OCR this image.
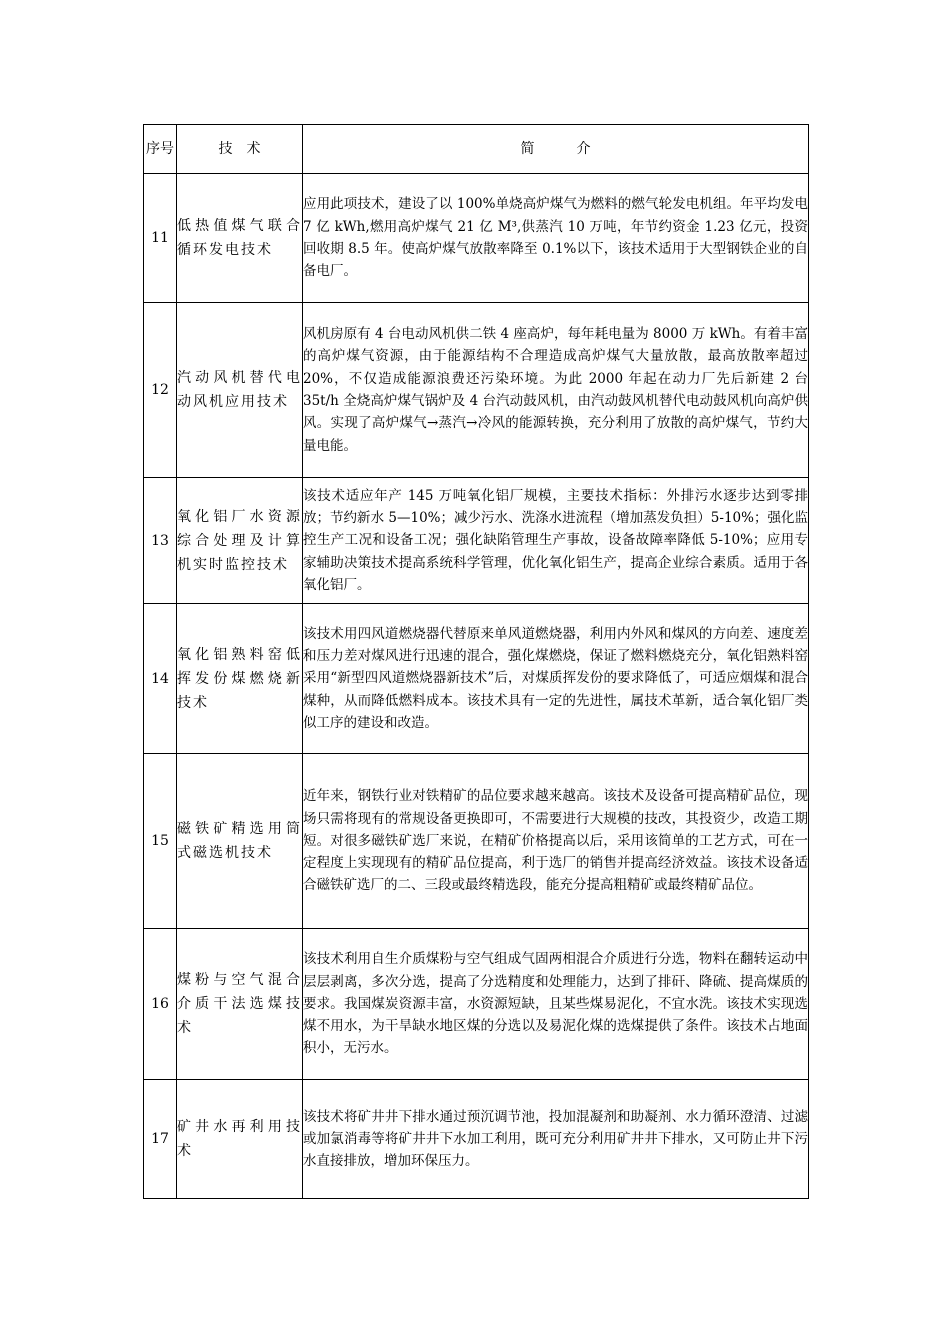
序号	技　术	简　　　介
11	低热值煤气联合循环发电技术	应用此项技术，建设了以 100%单烧高炉煤气为燃料的燃气轮发电机组。年平均发电 7 亿 kWh,燃用高炉煤气 21 亿 M³,供蒸汽 10 万吨，年节约资金 1.23 亿元，投资回收期 8.5 年。使高炉煤气放散率降至 0.1%以下，该技术适用于大型钢铁企业的自备电厂。
12	汽动风机替代电动风机应用技术	风机房原有 4 台电动风机供二铁 4 座高炉，每年耗电量为 8000 万 kWh。有着丰富的高炉煤气资源，由于能源结构不合理造成高炉煤气大量放散，最高放散率超过 20%，不仅造成能源浪费还污染环境。为此 2000 年起在动力厂先后新建 2 台 35t/h 全烧高炉煤气锅炉及 4 台汽动鼓风机，由汽动鼓风机替代电动鼓风机向高炉供风。实现了高炉煤气→蒸汽→冷风的能源转换，充分利用了放散的高炉煤气，节约大量电能。
13	氧化铝厂水资源综合处理及计算机实时监控技术	该技术适应年产 145 万吨氧化铝厂规模，主要技术指标：外排污水逐步达到零排放；节约新水 5—10%；减少污水、洗涤水进流程（增加蒸发负担）5-10%；强化监控生产工况和设备工况；强化缺陷管理生产事故，设备故障率降低 5-10%；应用专家辅助决策技术提高系统科学管理，优化氧化铝生产，提高企业综合素质。适用于各氧化铝厂。
14	氧化铝熟料窑低挥发份煤燃烧新技术	该技术用四风道燃烧器代替原来单风道燃烧器，利用内外风和煤风的方向差、速度差和压力差对煤风进行迅速的混合，强化煤燃烧，保证了燃料燃烧充分，氧化铝熟料窑采用“新型四风道燃烧器新技术”后，对煤质挥发份的要求降低了，可适应烟煤和混合煤种，从而降低燃料成本。该技术具有一定的先进性，属技术革新，适合氧化铝厂类似工序的建设和改造。
15	磁铁矿精选用筒式磁选机技术	近年来，钢铁行业对铁精矿的品位要求越来越高。该技术及设备可提高精矿品位，现场只需将现有的常规设备更换即可，不需要进行大规模的技改，其投资少，改造工期短。对很多磁铁矿选厂来说，在精矿价格提高以后，采用该简单的工艺方式，可在一定程度上实现现有的精矿品位提高，利于选厂的销售并提高经济效益。该技术设备适合磁铁矿选厂的二、三段或最终精选段，能充分提高粗精矿或最终精矿品位。
16	煤粉与空气混合介质干法选煤技术	该技术利用自生介质煤粉与空气组成气固两相混合介质进行分选，物料在翻转运动中层层剥离，多次分选，提高了分选精度和处理能力，达到了排矸、降硫、提高煤质的要求。我国煤炭资源丰富，水资源短缺，且某些煤易泥化，不宜水洗。该技术实现选煤不用水，为干旱缺水地区煤的分选以及易泥化煤的选煤提供了条件。该技术占地面积小，无污水。
17	矿井水再利用技术	该技术将矿井井下排水通过预沉调节池，投加混凝剂和助凝剂、水力循环澄清、过滤或加氯消毒等将矿井井下水加工利用，既可充分利用矿井井下排水，又可防止井下污水直接排放，增加环保压力。
